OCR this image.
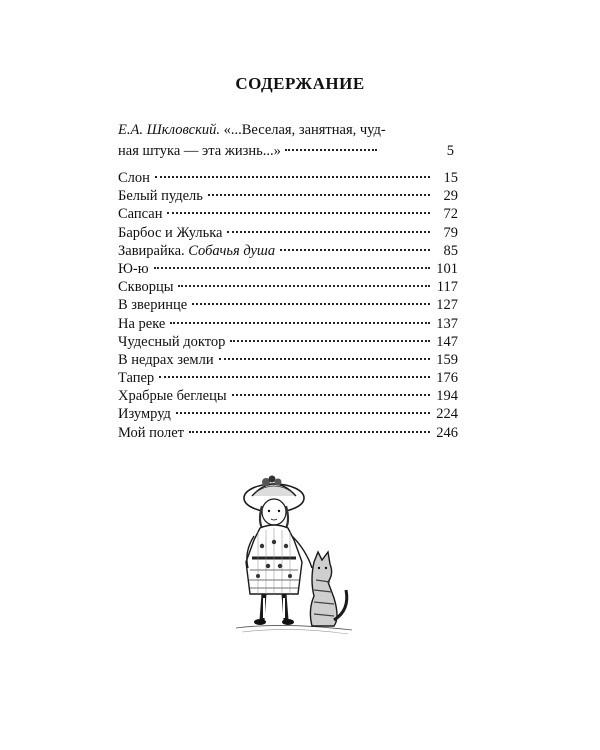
СОДЕРЖАНИЕ
Е.А. Шкловский. «...Веселая, занятная, чуд-
ная штука — эта жизнь...»	5
Слон	15
Белый пудель	29
Сапсан	72
Барбос и Жулька	79
Завирайка. Собачья душа	85
Ю-ю	101
Скворцы	117
В зверинце	127
На реке	137
Чудесный доктор	147
В недрах земли	159
Тапер	176
Храбрые беглецы	194
Изумруд	224
Мой полет	246
